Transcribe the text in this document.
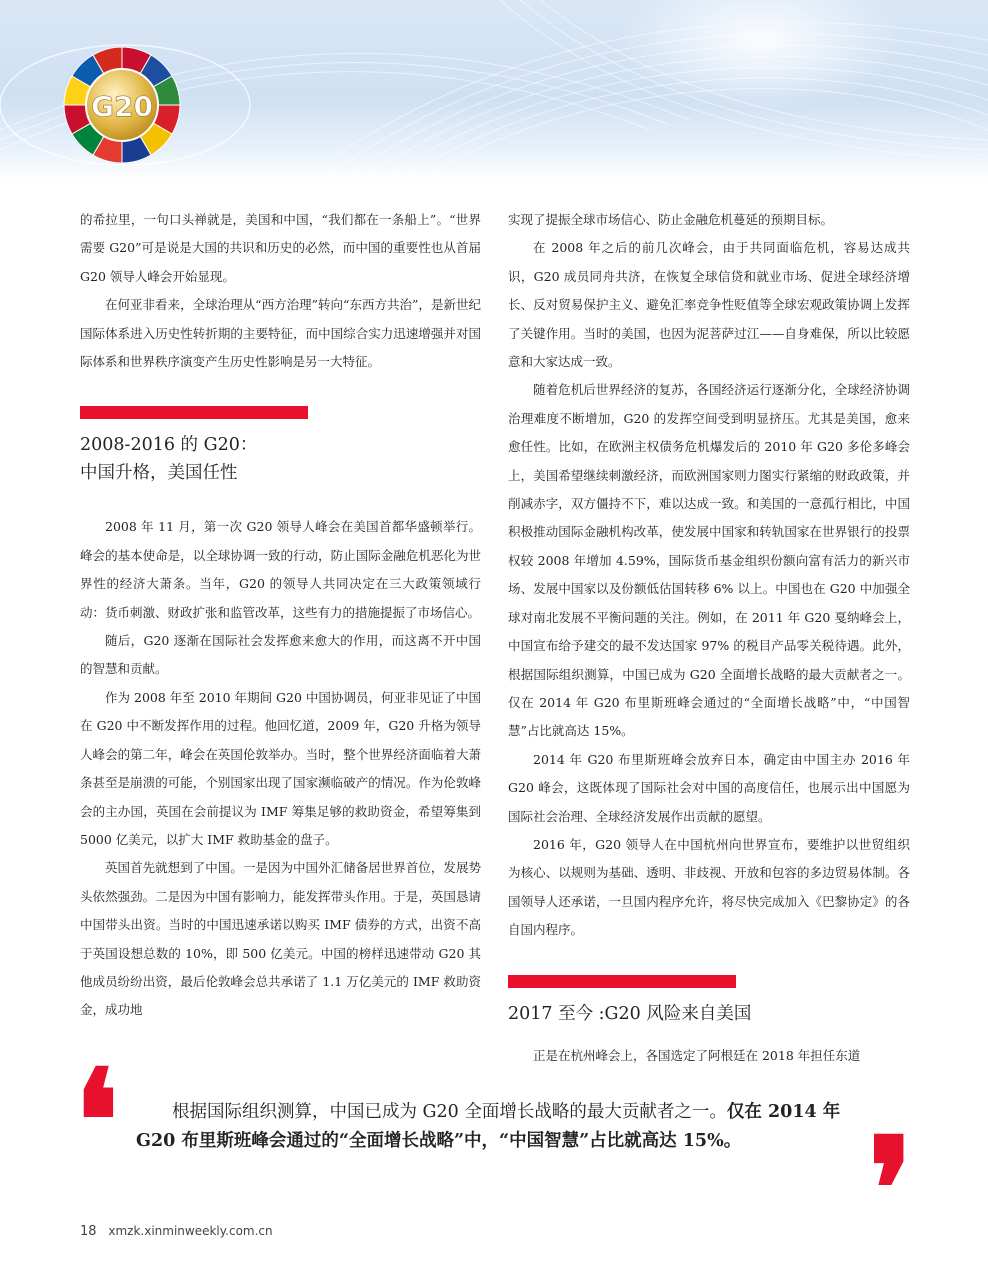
G20

的希拉里，一句口头禅就是，美国和中国，“我们都在一条船上”。“世界需要 G20”可是说是大国的共识和历史的必然，而中国的重要性也从首届 G20 领导人峰会开始显现。

在何亚非看来，全球治理从“西方治理”转向“东西方共治”，是新世纪国际体系进入历史性转折期的主要特征，而中国综合实力迅速增强并对国际体系和世界秩序演变产生历史性影响是另一大特征。

2008-2016 的 G20：
中国升格，美国任性

2008 年 11 月，第一次 G20 领导人峰会在美国首都华盛顿举行。峰会的基本使命是，以全球协调一致的行动，防止国际金融危机恶化为世界性的经济大萧条。当年，G20 的领导人共同决定在三大政策领域行动：货币刺激、财政扩张和监管改革，这些有力的措施提振了市场信心。

随后，G20 逐渐在国际社会发挥愈来愈大的作用，而这离不开中国的智慧和贡献。

作为 2008 年至 2010 年期间 G20 中国协调员，何亚非见证了中国在 G20 中不断发挥作用的过程。他回忆道，2009 年，G20 升格为领导人峰会的第二年，峰会在英国伦敦举办。当时，整个世界经济面临着大萧条甚至是崩溃的可能，个别国家出现了国家濒临破产的情况。作为伦敦峰会的主办国，英国在会前提议为 IMF 筹集足够的救助资金，希望筹集到 5000 亿美元，以扩大 IMF 救助基金的盘子。

英国首先就想到了中国。一是因为中国外汇储备居世界首位，发展势头依然强劲。二是因为中国有影响力，能发挥带头作用。于是，英国恳请中国带头出资。当时的中国迅速承诺以购买 IMF 债券的方式，出资不高于英国设想总数的 10%，即 500 亿美元。中国的榜样迅速带动 G20 其他成员纷纷出资，最后伦敦峰会总共承诺了 1.1 万亿美元的 IMF 救助资金，成功地

实现了提振全球市场信心、防止金融危机蔓延的预期目标。

在 2008 年之后的前几次峰会，由于共同面临危机，容易达成共识，G20 成员同舟共济，在恢复全球信贷和就业市场、促进全球经济增长、反对贸易保护主义、避免汇率竞争性贬值等全球宏观政策协调上发挥了关键作用。当时的美国，也因为泥菩萨过江——自身难保，所以比较愿意和大家达成一致。

随着危机后世界经济的复苏，各国经济运行逐渐分化，全球经济协调治理难度不断增加，G20 的发挥空间受到明显挤压。尤其是美国，愈来愈任性。比如，在欧洲主权债务危机爆发后的 2010 年 G20 多伦多峰会上，美国希望继续刺激经济，而欧洲国家则力图实行紧缩的财政政策，并削减赤字，双方僵持不下，难以达成一致。和美国的一意孤行相比，中国积极推动国际金融机构改革，使发展中国家和转轨国家在世界银行的投票权较 2008 年增加 4.59%，国际货币基金组织份额向富有活力的新兴市场、发展中国家以及份额低估国转移 6% 以上。中国也在 G20 中加强全球对南北发展不平衡问题的关注。例如，在 2011 年 G20 戛纳峰会上，中国宣布给予建交的最不发达国家 97% 的税目产品零关税待遇。此外，根据国际组织测算，中国已成为 G20 全面增长战略的最大贡献者之一。仅在 2014 年 G20 布里斯班峰会通过的“全面增长战略”中，“中国智慧”占比就高达 15%。

2014 年 G20 布里斯班峰会放弃日本，确定由中国主办 2016 年 G20 峰会，这既体现了国际社会对中国的高度信任，也展示出中国愿为国际社会治理、全球经济发展作出贡献的愿望。

2016 年，G20 领导人在中国杭州向世界宣布，要维护以世贸组织为核心、以规则为基础、透明、非歧视、开放和包容的多边贸易体制。各国领导人还承诺，一旦国内程序允许，将尽快完成加入《巴黎协定》的各自国内程序。

2017 至今 :G20 风险来自美国

正是在杭州峰会上，各国选定了阿根廷在 2018 年担任东道

❛	根据国际组织测算，中国已成为 G20 全面增长战略的最大贡献者之一。仅在 2014 年 G20 布里斯班峰会通过的“全面增长战略”中，“中国智慧”占比就高达 15%。 ❜
18 xmzk.xinminweekly.com.cn
